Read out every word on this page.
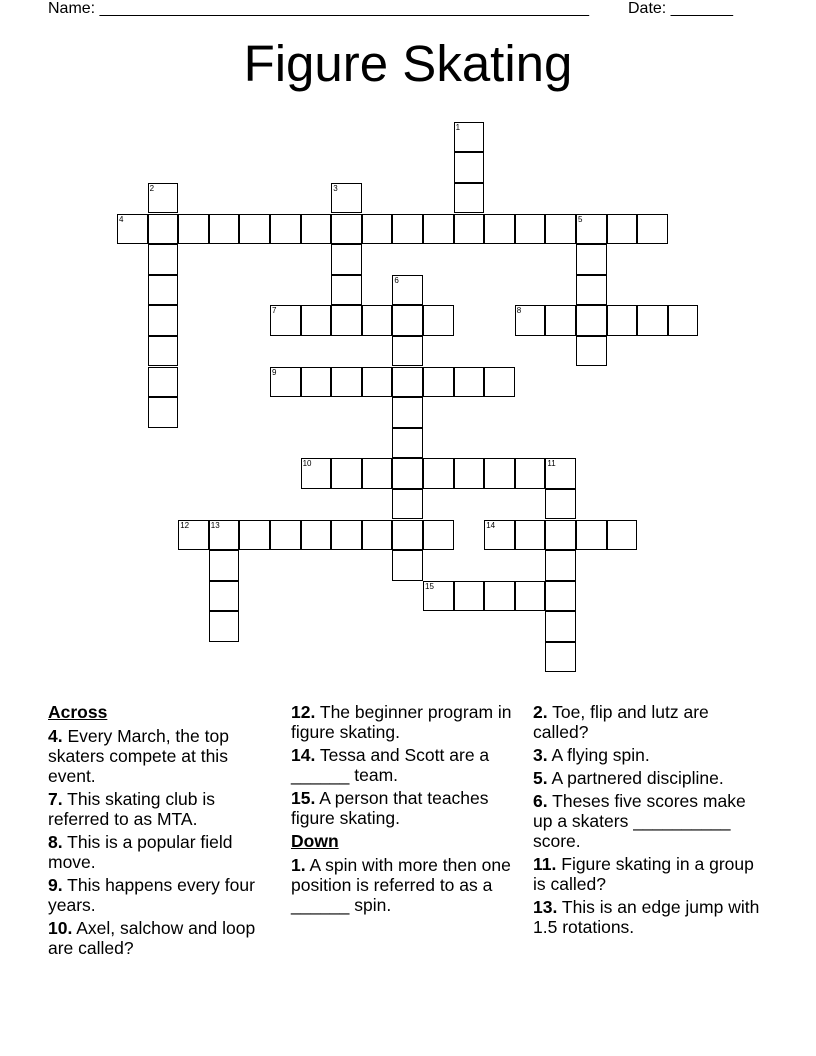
Name: _______________________________________________________ Date: _______
Figure Skating
4	5
1
2	3
6
7	8
9
10	11
12	13	14
15

Across

4. Every March, the top skaters compete at this event.

7. This skating club is referred to as MTA.

8. This is a popular field move.

9. This happens every four years.

10. Axel, salchow and loop are called?

12. The beginner program in figure skating.

14. Tessa and Scott are a ______ team.

15. A person that teaches figure skating.

Down

1. A spin with more then one position is referred to as a ______ spin.

2. Toe, flip and lutz are called?

3. A flying spin.

5. A partnered discipline.

6. Theses five scores make up a skaters __________ score.

11. Figure skating in a group is called?

13. This is an edge jump with 1.5 rotations.
